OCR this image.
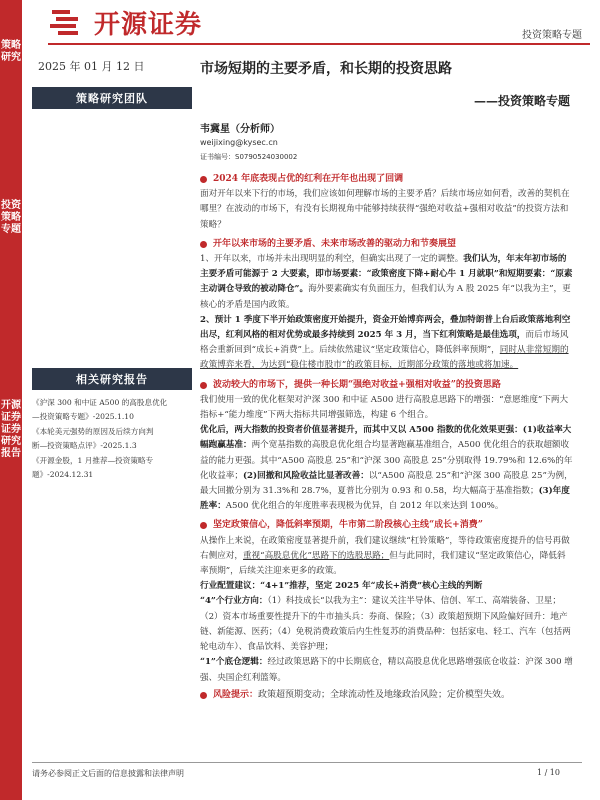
策略研究
投资策略专题
开源证券 证券研究报告
开源证券	投资策略专题
2025 年 01 月 12 日
策略研究团队
韦冀星（分析师）
weijixing@kysec.cn
证书编号：S0790524030002
相关研究报告
《沪深 300 和中证 A500 的高股息优化
—投资策略专题》-2025.1.10
《本轮美元强势的原因及后续方向判
断—投资策略点评》-2025.1.3
《开源金股，1 月推荐—投资策略专
题》-2024.12.31
市场短期的主要矛盾，和长期的投资思路
——投资策略专题
2024 年底表现占优的红利在开年也出现了回调
面对开年以来下行的市场，我们应该如何理解市场的主要矛盾？后续市场应如何看，改善的契机在哪里？在波动的市场下，有没有长期视角中能够持续获得“强绝对收益+强相对收益”的投资方法和策略？
开年以来市场的主要矛盾、未来市场改善的驱动力和节奏展望
1、开年以来，市场并未出现明显的利空，但确实出现了一定的调整。我们认为，年末年初市场的主要矛盾可能源于 2 大要素，即市场要素：“政策密度下降+耐心牛 1 月就职”和短期要素：“原素主动调仓导致的被动降仓”。海外要素确实有负面压力，但我们认为 A 股 2025 年“以我为主”，更核心的矛盾是国内政策。
2、预计 1 季度下半开始政策密度开始提升，资金开始博弈两会，叠加特朗普上台后政策落地利空出尽，红利风格的相对优势或最多持续到 2025 年 3 月，当下红利策略是最佳选项，而后市场风格会重新回到“成长+消费”上。后续依然建议“坚定政策信心，降低斜率预期”，同时从非常短期的政策博弈来看，为达到“稳住楼市股市”的政策目标，近期部分政策的落地或将加速。
波动较大的市场下，提供一种长期“强绝对收益+强相对收益”的投资思路
我们使用一致的优化框架对沪深 300 和中证 A500 进行高股息思路下的增强：“意愿维度”下两大指标+“能力维度”下两大指标共同增强筛选，构建 6 个组合。
优化后，两大指数的投资者价值显著提升，而其中又以 A500 指数的优化效果更强：(1)收益率大幅跑赢基准：两个宽基指数的高股息优化组合均显著跑赢基准组合，A500 优化组合的获取超额收益的能力更强。其中“A500 高股息 25”和“沪深 300 高股息 25”分别取得 19.79%和 12.6%的年化收益率；(2)回撤和风险收益比显著改善：以“A500 高股息 25”和“沪深 300 高股息 25”为例，最大回撤分别为 31.3%和 28.7%，夏普比分别为 0.93 和 0.58，均大幅高于基准指数；(3)年度胜率：A500 优化组合的年度胜率表现极为优异，自 2012 年以来达到 100%。
坚定政策信心，降低斜率预期，牛市第二阶段核心主线“成长+消费”
从操作上来说，在政策密度显著提升前，我们建议继续“杠铃策略”，等待政策密度提升的信号再做右侧应对，重视“高股息优化”思路下的选股思路；但与此同时，我们建议“坚定政策信心，降低斜率预期”，后续关注迎来更多的政策。
行业配置建议：“4+1”推荐，坚定 2025 年“成长+消费”核心主线的判断
“4”个行业方向：（1）科技成长“以我为主”：建议关注半导体、信创、军工、高端装备、卫星；（2）资本市场重要性提升下的牛市抽头兵：券商、保险；（3）政策超预期下风险偏好回升：地产链、新能源、医药；（4）免税消费政策后内生性复苏的消费品种：包括家电、轻工、汽车（包括两轮电动车）、食品饮料、美容护理；
“1”个底仓逻辑：经过政策思路下的中长期底仓，精以高股息优化思路增强底仓收益：沪深 300 增强、央国企红利篮筹。
风险提示： 政策超预期变动；全球流动性及地缘政治风险；定价模型失效。
请务必参阅正文后面的信息披露和法律声明	1 / 10
